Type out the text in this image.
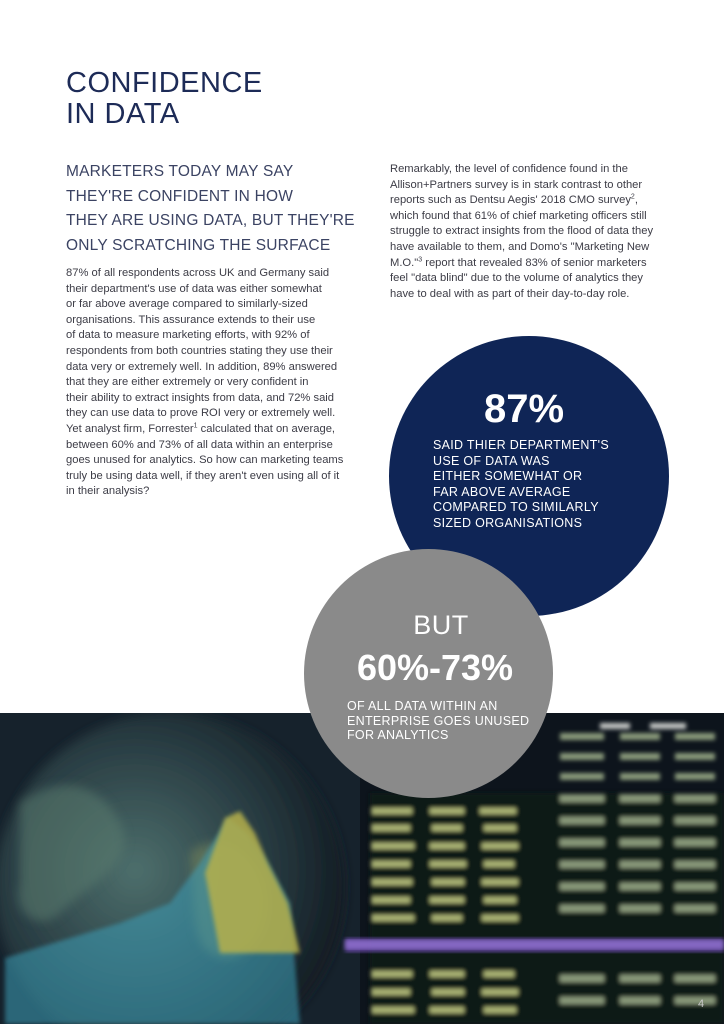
CONFIDENCE
IN DATA
MARKETERS TODAY MAY SAY
THEY'RE CONFIDENT IN HOW
THEY ARE USING DATA, BUT THEY'RE
ONLY SCRATCHING THE SURFACE
87% of all respondents across UK and Germany said
their department's use of data was either somewhat
or far above average compared to similarly-sized
organisations. This assurance extends to their use
of data to measure marketing efforts, with 92% of
respondents from both countries stating they use their
data very or extremely well. In addition, 89% answered
that they are either extremely or very confident in
their ability to extract insights from data, and 72% said
they can use data to prove ROI very or extremely well.
Yet analyst firm, Forrester$^1$ calculated that on average,
between 60% and 73% of all data within an enterprise
goes unused for analytics. So how can marketing teams
truly be using data well, if they aren't even using all of it
in their analysis?
Remarkably, the level of confidence found in the
Allison+Partners survey is in stark contrast to other
reports such as Dentsu Aegis' 2018 CMO survey$^2$,
which found that 61% of chief marketing officers still
struggle to extract insights from the flood of data they
have available to them, and Domo's "Marketing New
M.O."$^3$ report that revealed 83% of senior marketers
feel "data blind" due to the volume of analytics they
have to deal with as part of their day-to-day role.
87%
SAID THIER DEPARTMENT'S
USE OF DATA WAS
EITHER SOMEWHAT OR
FAR ABOVE AVERAGE
COMPARED TO SIMILARLY
SIZED ORGANISATIONS
BUT
60%-73%
OF ALL DATA WITHIN AN
ENTERPRISE GOES UNUSED
FOR ANALYTICS
4
